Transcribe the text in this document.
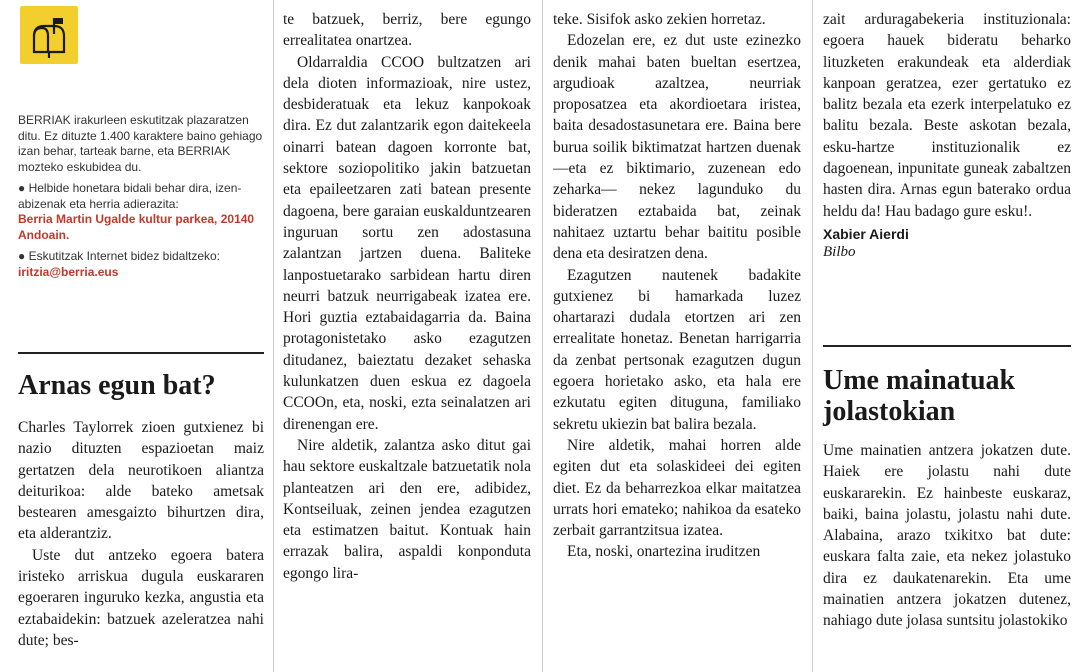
BERRIAK irakurleen eskutitzak plazaratzen ditu. Ez dituzte 1.400 karaktere baino gehiago izan behar, tarteak barne, eta BERRIAK mozteko eskubidea du.

● Helbide honetara bidali behar dira, izen-abizenak eta herria adierazita:

Berria Martin Ugalde kultur parkea, 20140 Andoain.

● Eskutitzak Internet bidez bidaltzeko:

iritzia@berria.eus

Arnas egun bat?

Charles Taylorrek zioen gutxienez bi nazio dituzten espazioetan maiz gertatzen dela neurotikoen aliantza deiturikoa: alde bateko ametsak bestearen amesgaizto bihurtzen dira, eta alderantziz.

Uste dut antzeko egoera batera iristeko arriskua dugula euskararen egoeraren inguruko kezka, angustia eta eztabaidekin: batzuek azeleratzea nahi dute; bes-

te batzuek, berriz, bere egungo errealitatea onartzea.

Oldarraldia CCOO bultzatzen ari dela dioten informazioak, nire ustez, desbideratuak eta lekuz kanpokoak dira. Ez dut zalantzarik egon daitekeela oinarri batean dagoen korronte bat, sektore soziopolitiko jakin batzuetan eta epaileetzaren zati batean presente dagoena, bere garaian euskalduntzearen inguruan sortu zen adostasuna zalantzan jartzen duena. Baliteke lanpostuetarako sarbidean hartu diren neurri batzuk neurrigabeak izatea ere. Hori guztia eztabaidagarria da. Baina protagonistetako asko ezagutzen ditudanez, baieztatu dezaket sehaska kulunkatzen duen eskua ez dagoela CCOOn, eta, noski, ezta seinalatzen ari direnengan ere.

Nire aldetik, zalantza asko ditut gai hau sektore euskaltzale batzuetatik nola planteatzen ari den ere, adibidez, Kontseiluak, zeinen jendea ezagutzen eta estimatzen baitut. Kontuak hain errazak balira, aspaldi konponduta egongo lira-

teke. Sisifok asko zekien horretaz.

Edozelan ere, ez dut uste ezinezko denik mahai baten bueltan esertzea, argudioak azaltzea, neurriak proposatzea eta akordioetara iristea, baita desadostasunetara ere. Baina bere burua soilik biktimatzat hartzen duenak —eta ez biktimario, zuzenean edo zeharka— nekez lagunduko du bideratzen eztabaida bat, zeinak nahitaez uztartu behar baititu posible dena eta desiratzen dena.

Ezagutzen nautenek badakite gutxienez bi hamarkada luzez ohartarazi dudala etortzen ari zen errealitate honetaz. Benetan harrigarria da zenbat pertsonak ezagutzen dugun egoera horietako asko, eta hala ere ezkutatu egiten dituguna, familiako sekretu ukiezin bat balira bezala.

Nire aldetik, mahai horren alde egiten dut eta solaskideei dei egiten diet. Ez da beharrezkoa elkar maitatzea urrats hori emateko; nahikoa da esateko zerbait garrantzitsua izatea.

Eta, noski, onartezina iruditzen

zait arduragabekeria instituzionala: egoera hauek bideratu beharko lituzketen erakundeak eta alderdiak kanpoan geratzea, ezer gertatuko ez balitz bezala eta ezerk interpelatuko ez balitu bezala. Beste askotan bezala, esku-hartze instituzionalik ez dagoenean, inpunitate guneak zabaltzen hasten dira. Arnas egun baterako ordua heldu da! Hau badago gure esku!.

Xabier Aierdi

Bilbo

Ume mainatuak jolastokian

Ume mainatien antzera jokatzen dute. Haiek ere jolastu nahi dute euskararekin. Ez hainbeste euskaraz, baiki, baina jolastu, jolastu nahi dute. Alabaina, arazo txikitxo bat dute: euskara falta zaie, eta nekez jolastuko dira ez daukatenarekin. Eta ume mainatien antzera jokatzen dutenez, nahiago dute jolasa suntsitu jolastokiko
